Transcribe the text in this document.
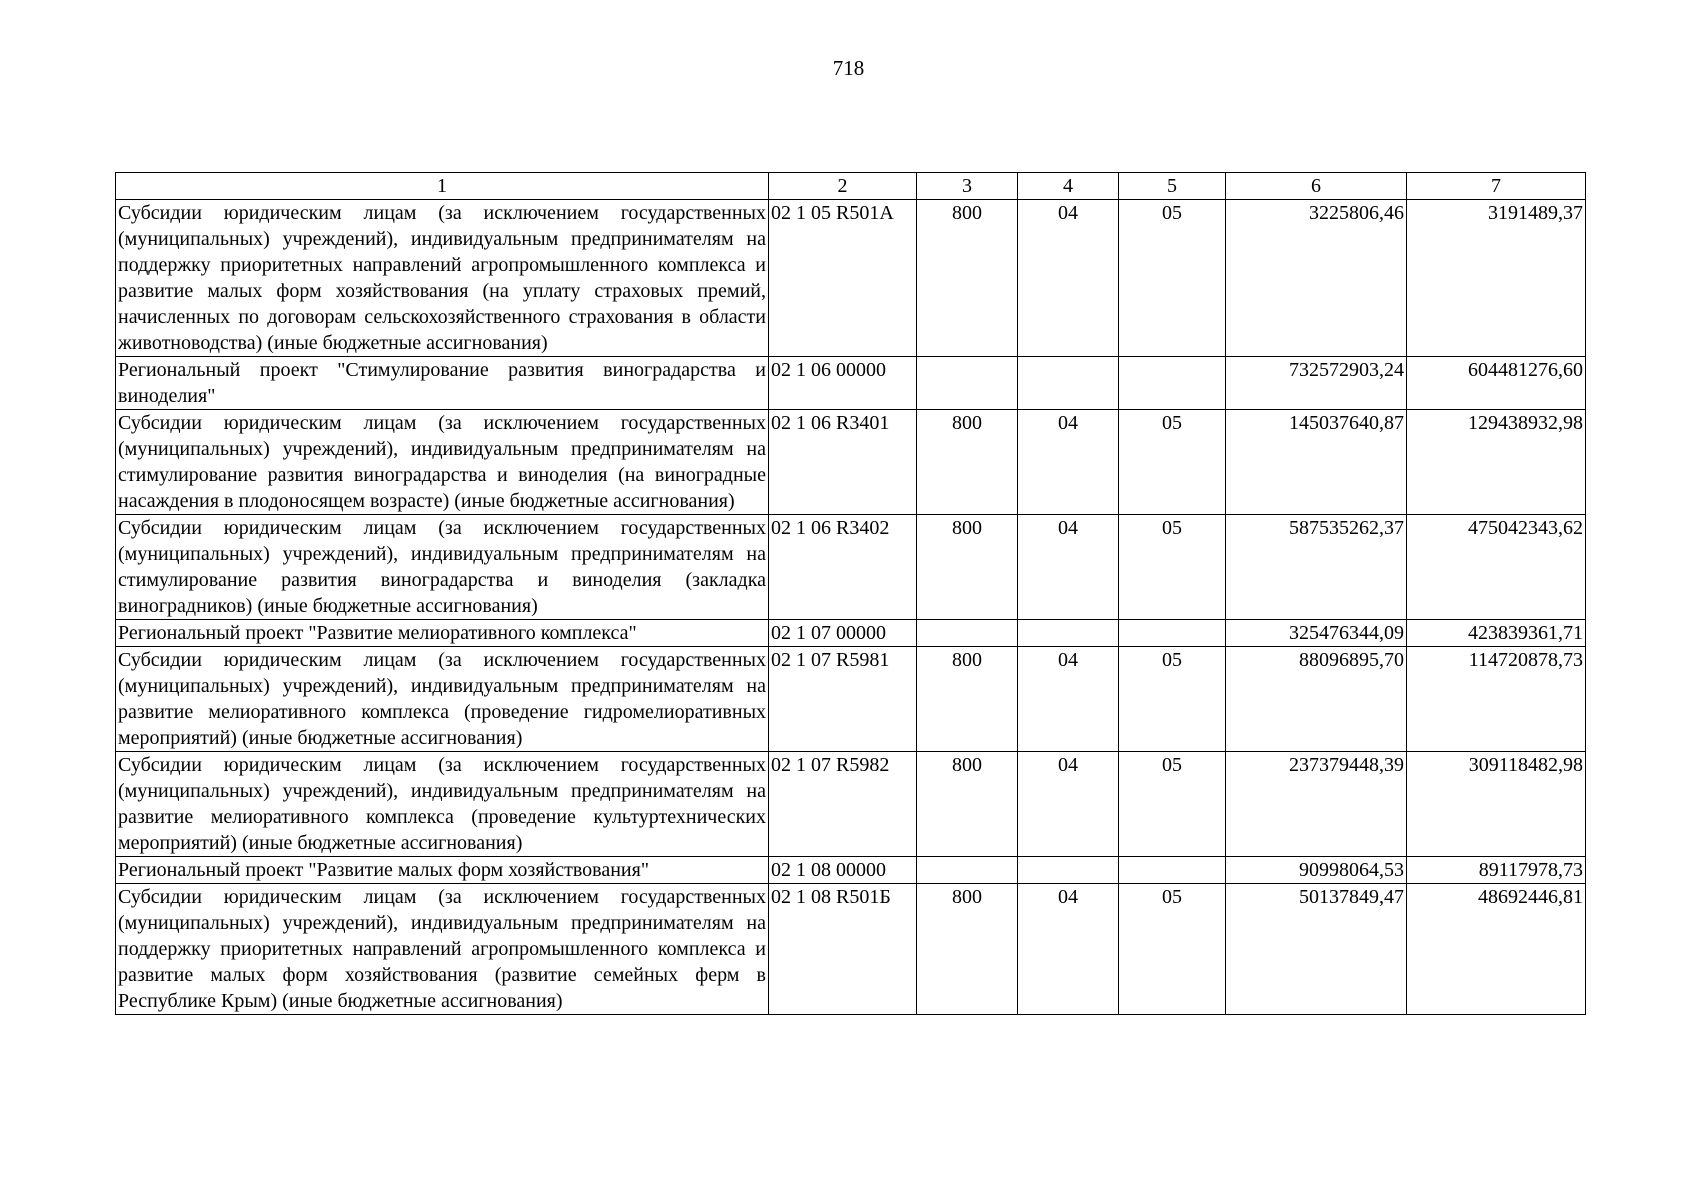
718
1	2	3	4	5	6	7
Субсидии юридическим лицам (за исключением государственных (муниципальных) учреждений), индивидуальным предпринимателям на поддержку приоритетных направлений агропромышленного комплекса и развитие малых форм хозяйствования (на уплату страховых премий, начисленных по договорам сельскохозяйственного страхования в области животноводства) (иные бюджетные ассигнования)	02 1 05 R501A	800	04	05	3225806,46	3191489,37
Региональный проект "Стимулирование развития виноградарства и виноделия"	02 1 06 00000				732572903,24	604481276,60
Субсидии юридическим лицам (за исключением государственных (муниципальных) учреждений), индивидуальным предпринимателям на стимулирование развития виноградарства и виноделия (на виноградные насаждения в плодоносящем возрасте) (иные бюджетные ассигнования)	02 1 06 R3401	800	04	05	145037640,87	129438932,98
Субсидии юридическим лицам (за исключением государственных (муниципальных) учреждений), индивидуальным предпринимателям на стимулирование развития виноградарства и виноделия (закладка виноградников) (иные бюджетные ассигнования)	02 1 06 R3402	800	04	05	587535262,37	475042343,62
Региональный проект "Развитие мелиоративного комплекса"	02 1 07 00000				325476344,09	423839361,71
Субсидии юридическим лицам (за исключением государственных (муниципальных) учреждений), индивидуальным предпринимателям на развитие мелиоративного комплекса (проведение гидромелиоративных мероприятий) (иные бюджетные ассигнования)	02 1 07 R5981	800	04	05	88096895,70	114720878,73
Субсидии юридическим лицам (за исключением государственных (муниципальных) учреждений), индивидуальным предпринимателям на развитие мелиоративного комплекса (проведение культуртехнических мероприятий) (иные бюджетные ассигнования)	02 1 07 R5982	800	04	05	237379448,39	309118482,98
Региональный проект "Развитие малых форм хозяйствования"	02 1 08 00000				90998064,53	89117978,73
Субсидии юридическим лицам (за исключением государственных (муниципальных) учреждений), индивидуальным предпринимателям на поддержку приоритетных направлений агропромышленного комплекса и развитие малых форм хозяйствования (развитие семейных ферм в Республике Крым) (иные бюджетные ассигнования)	02 1 08 R501Б	800	04	05	50137849,47	48692446,81
